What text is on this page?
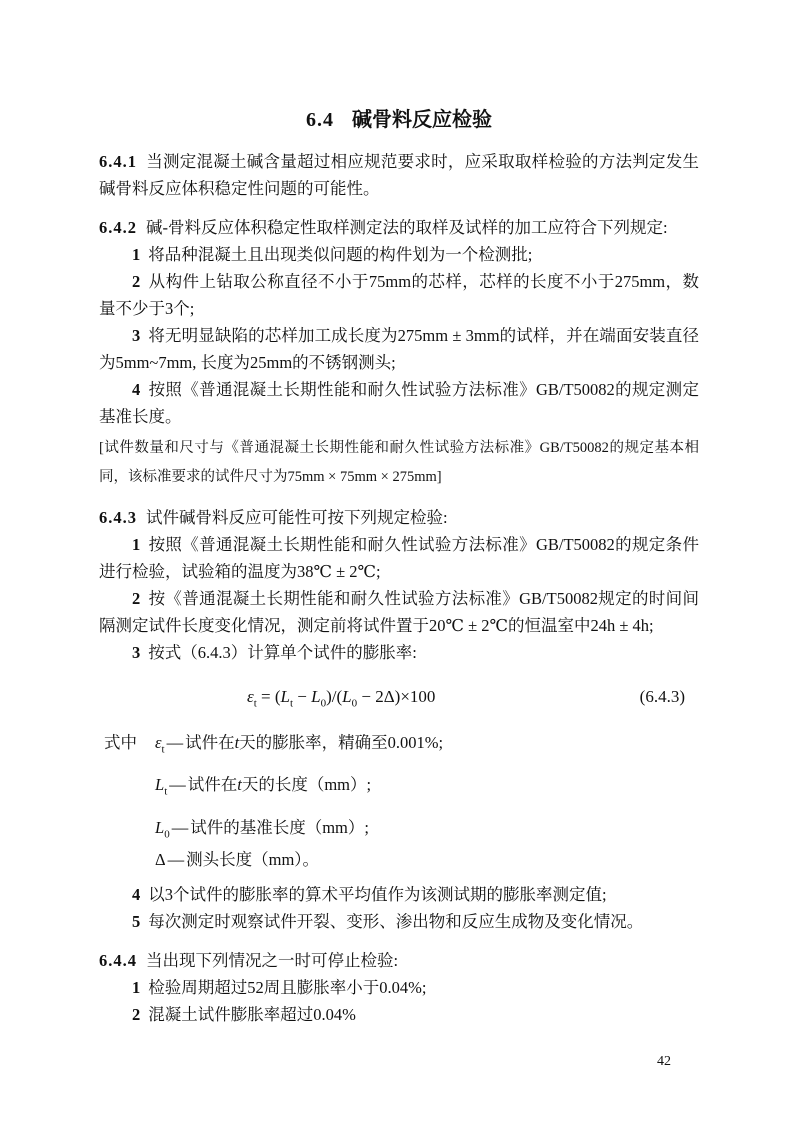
6.4 碱骨料反应检验

6.4.1 当测定混凝土碱含量超过相应规范要求时，应采取取样检验的方法判定发生碱骨料反应体积稳定性问题的可能性。

6.4.2 碱-骨料反应体积稳定性取样测定法的取样及试样的加工应符合下列规定:

1 将品种混凝土且出现类似问题的构件划为一个检测批;

2 从构件上钻取公称直径不小于75mm的芯样，芯样的长度不小于275mm，数量不少于3个;

3 将无明显缺陷的芯样加工成长度为275mm ± 3mm的试样，并在端面安装直径为5mm~7mm, 长度为25mm的不锈钢测头;

4 按照《普通混凝土长期性能和耐久性试验方法标准》GB/T50082的规定测定基准长度。

[试件数量和尺寸与《普通混凝土长期性能和耐久性试验方法标准》GB/T50082的规定基本相同，该标准要求的试件尺寸为75mm × 75mm × 275mm]

6.4.3 试件碱骨料反应可能性可按下列规定检验:

1 按照《普通混凝土长期性能和耐久性试验方法标准》GB/T50082的规定条件进行检验，试验箱的温度为38℃ ± 2℃;

2 按《普通混凝土长期性能和耐久性试验方法标准》GB/T50082规定的时间间隔测定试件长度变化情况，测定前将试件置于20℃ ± 2℃的恒温室中24h ± 4h;

3 按式（6.4.3）计算单个试件的膨胀率:

$\varepsilon_t = (L_t - L_0)/(L_0 - 2\Delta)\times 100$	(6.4.3)
式中 $\varepsilon_t$ — 试件在t天的膨胀率，精确至0.001%;
$L_t$ — 试件在t天的长度（mm）;
$L_0$ — 试件的基准长度（mm）;
Δ — 测头长度（mm）。

4 以3个试件的膨胀率的算术平均值作为该测试期的膨胀率测定值;

5 每次测定时观察试件开裂、变形、渗出物和反应生成物及变化情况。

6.4.4 当出现下列情况之一时可停止检验:

1 检验周期超过52周且膨胀率小于0.04%;

2 混凝土试件膨胀率超过0.04%

42
